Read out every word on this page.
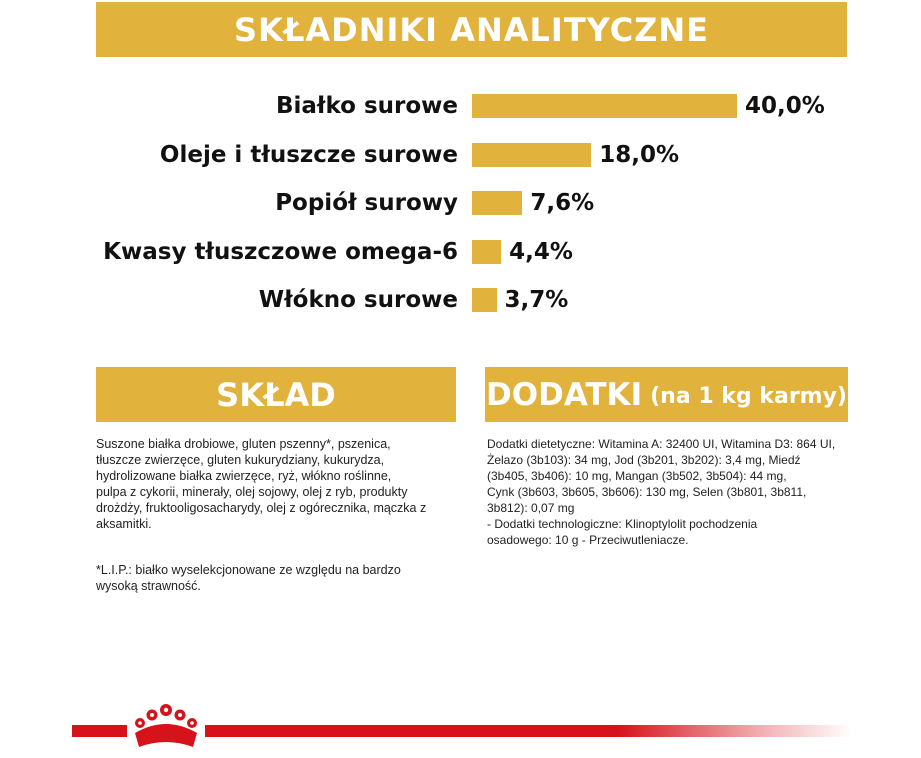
SKŁADNIKI ANALITYCZNE
Białko surowe	40,0%
Oleje i tłuszcze surowe	18,0%
Popiół surowy	7,6%
Kwasy tłuszczowe omega-6 4,4%
Włókno surowe 3,7%
SKŁAD	DODATKI (na 1 kg karmy)

Suszone białka drobiowe, gluten pszenny*, pszenica,

tłuszcze zwierzęce, gluten kukurydziany, kukurydza,

hydrolizowane białka zwierzęce, ryż, włókno roślinne,

pulpa z cykorii, minerały, olej sojowy, olej z ryb, produkty

drożdży, fruktooligosacharydy, olej z ogórecznika, mączka z

aksamitki.

*L.I.P.: białko wyselekcjonowane ze względu na bardzo

wysoką strawność.

Dodatki dietetyczne: Witamina A: 32400 UI, Witamina D3: 864 UI,

Żelazo (3b103): 34 mg, Jod (3b201, 3b202): 3,4 mg, Miedź

(3b405, 3b406): 10 mg, Mangan (3b502, 3b504): 44 mg,

Cynk (3b603, 3b605, 3b606): 130 mg, Selen (3b801, 3b811,

3b812): 0,07 mg

- Dodatki technologiczne: Klinoptylolit pochodzenia

osadowego: 10 g - Przeciwutleniacze.
